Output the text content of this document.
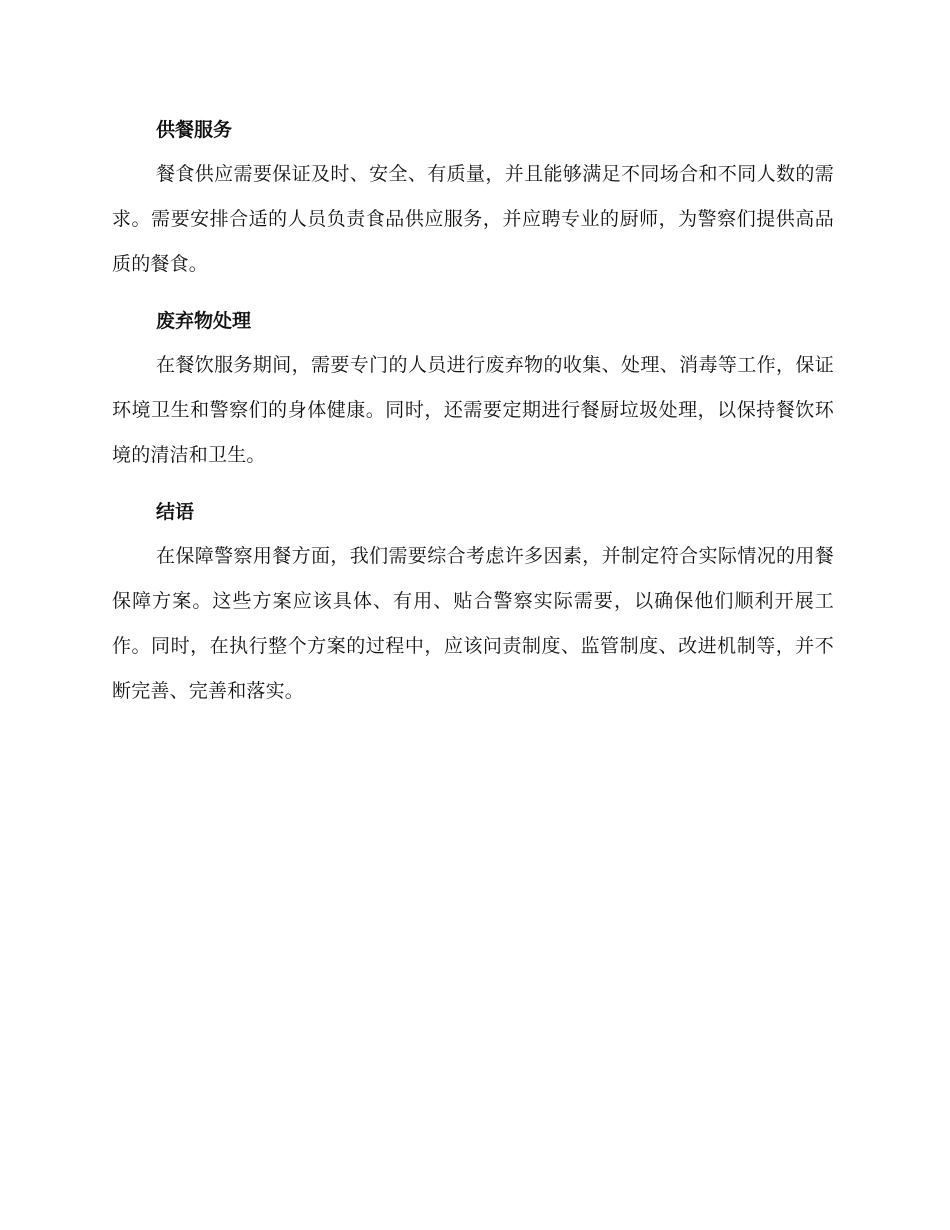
供餐服务

餐食供应需要保证及时、安全、有质量，并且能够满足不同场合和不同人数的需求。需要安排合适的人员负责食品供应服务，并应聘专业的厨师，为警察们提供高品质的餐食。

废弃物处理

在餐饮服务期间，需要专门的人员进行废弃物的收集、处理、消毒等工作，保证环境卫生和警察们的身体健康。同时，还需要定期进行餐厨垃圾处理，以保持餐饮环境的清洁和卫生。

结语

在保障警察用餐方面，我们需要综合考虑许多因素，并制定符合实际情况的用餐保障方案。这些方案应该具体、有用、贴合警察实际需要，以确保他们顺利开展工作。同时，在执行整个方案的过程中，应该问责制度、监管制度、改进机制等，并不断完善、完善和落实。
